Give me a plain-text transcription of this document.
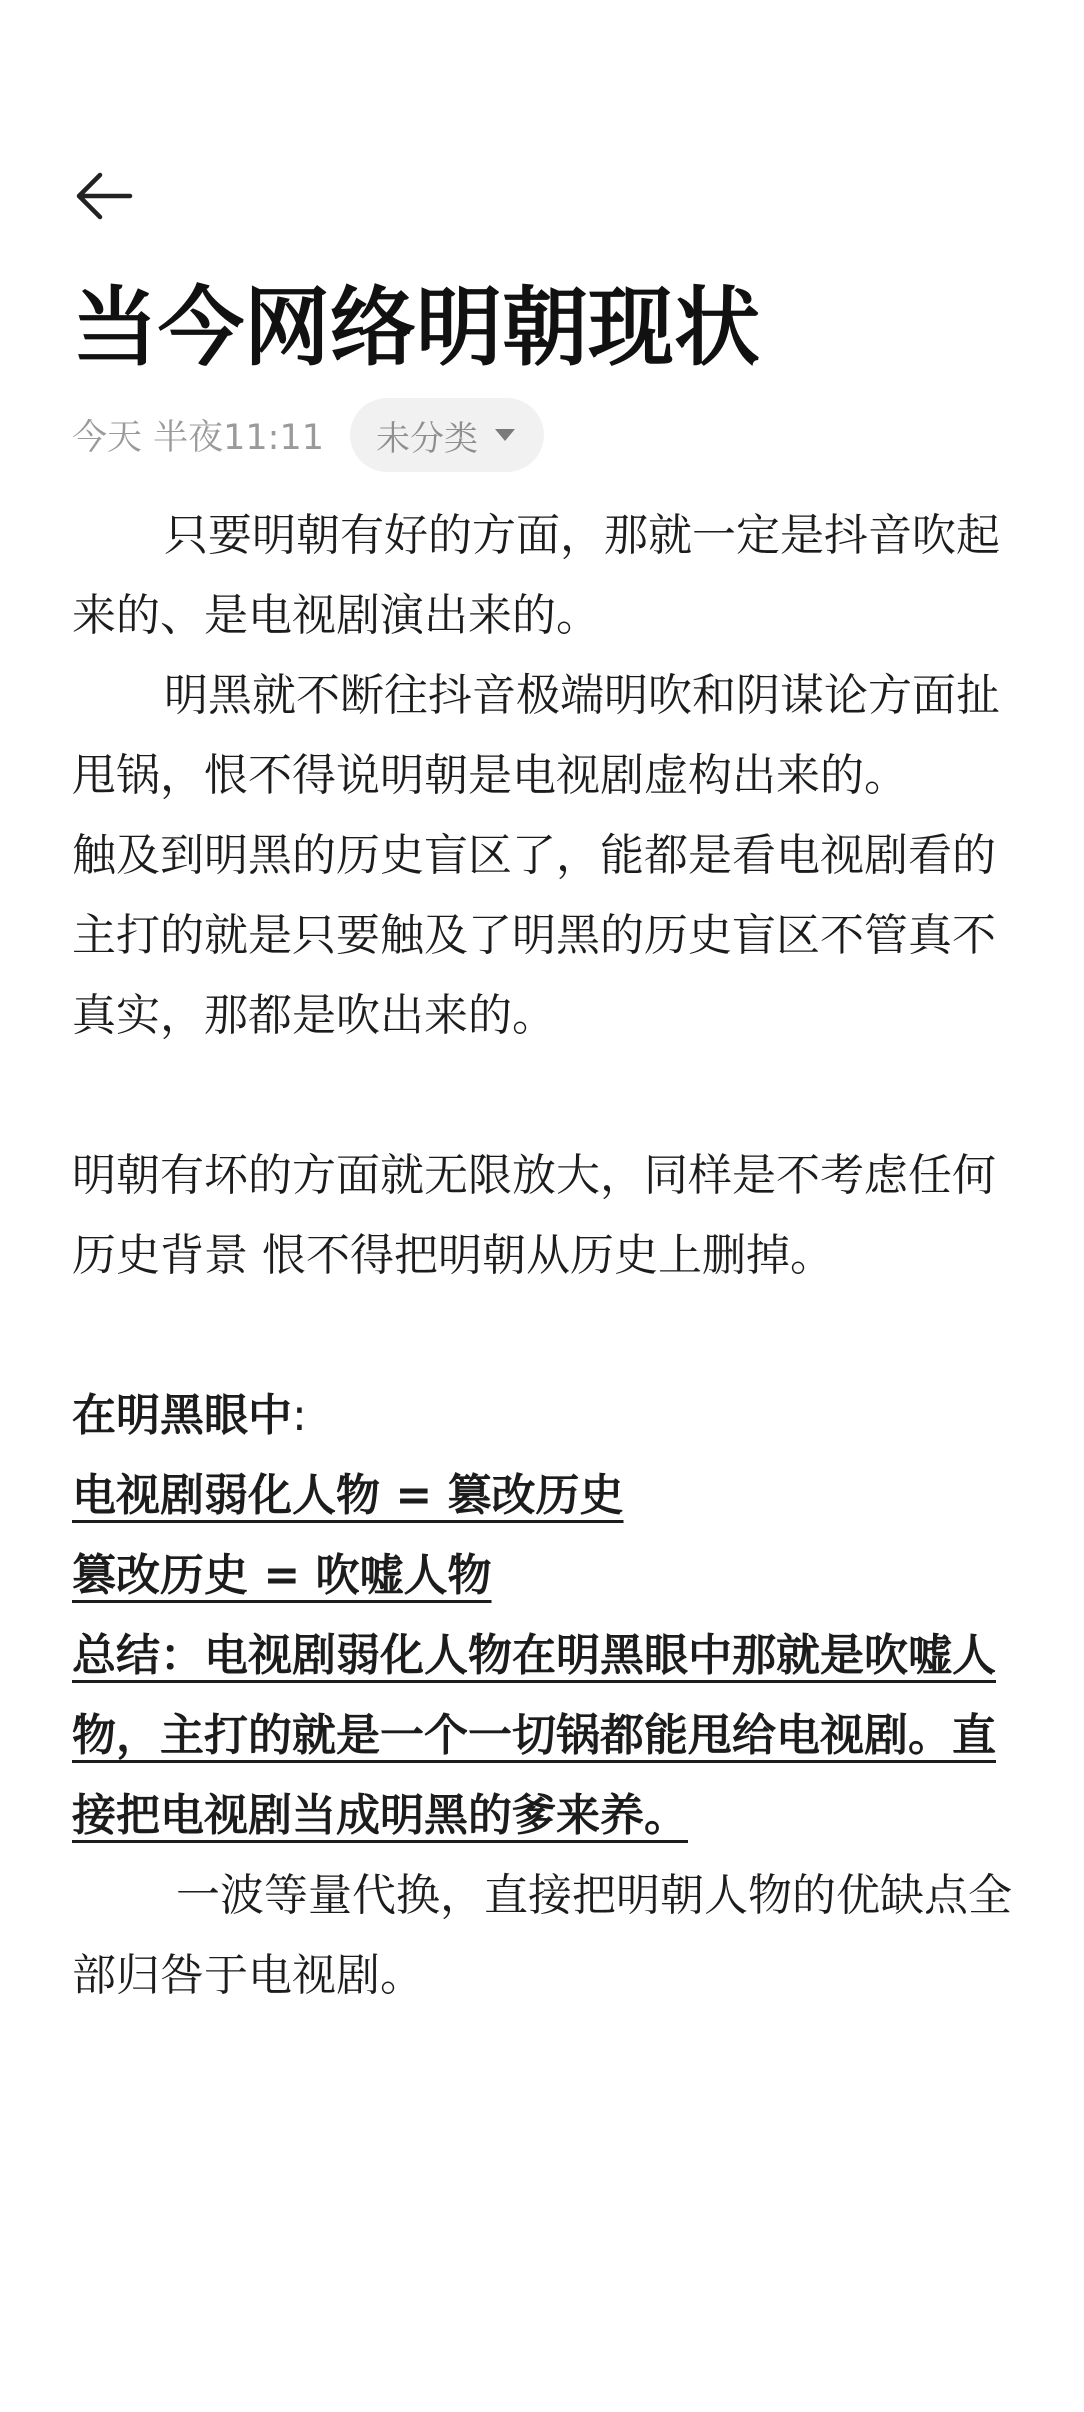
当今网络明朝现状
今天 半夜11:11 未分类

只要明朝有好的方面，那就一定是抖音吹起来的、是电视剧演出来的。

明黑就不断往抖音极端明吹和阴谋论方面扯甩锅，恨不得说明朝是电视剧虚构出来的。

触及到明黑的历史盲区了，能都是看电视剧看的主打的就是只要触及了明黑的历史盲区不管真不真实，那都是吹出来的。

明朝有坏的方面就无限放大，同样是不考虑任何历史背景 恨不得把明朝从历史上删掉。

在明黑眼中:

电视剧弱化人物 = 篡改历史

篡改历史 = 吹嘘人物

总结：电视剧弱化人物在明黑眼中那就是吹嘘人物，主打的就是一个一切锅都能甩给电视剧。直接把电视剧当成明黑的爹来养。

一波等量代换，直接把明朝人物的优缺点全部归咎于电视剧。
